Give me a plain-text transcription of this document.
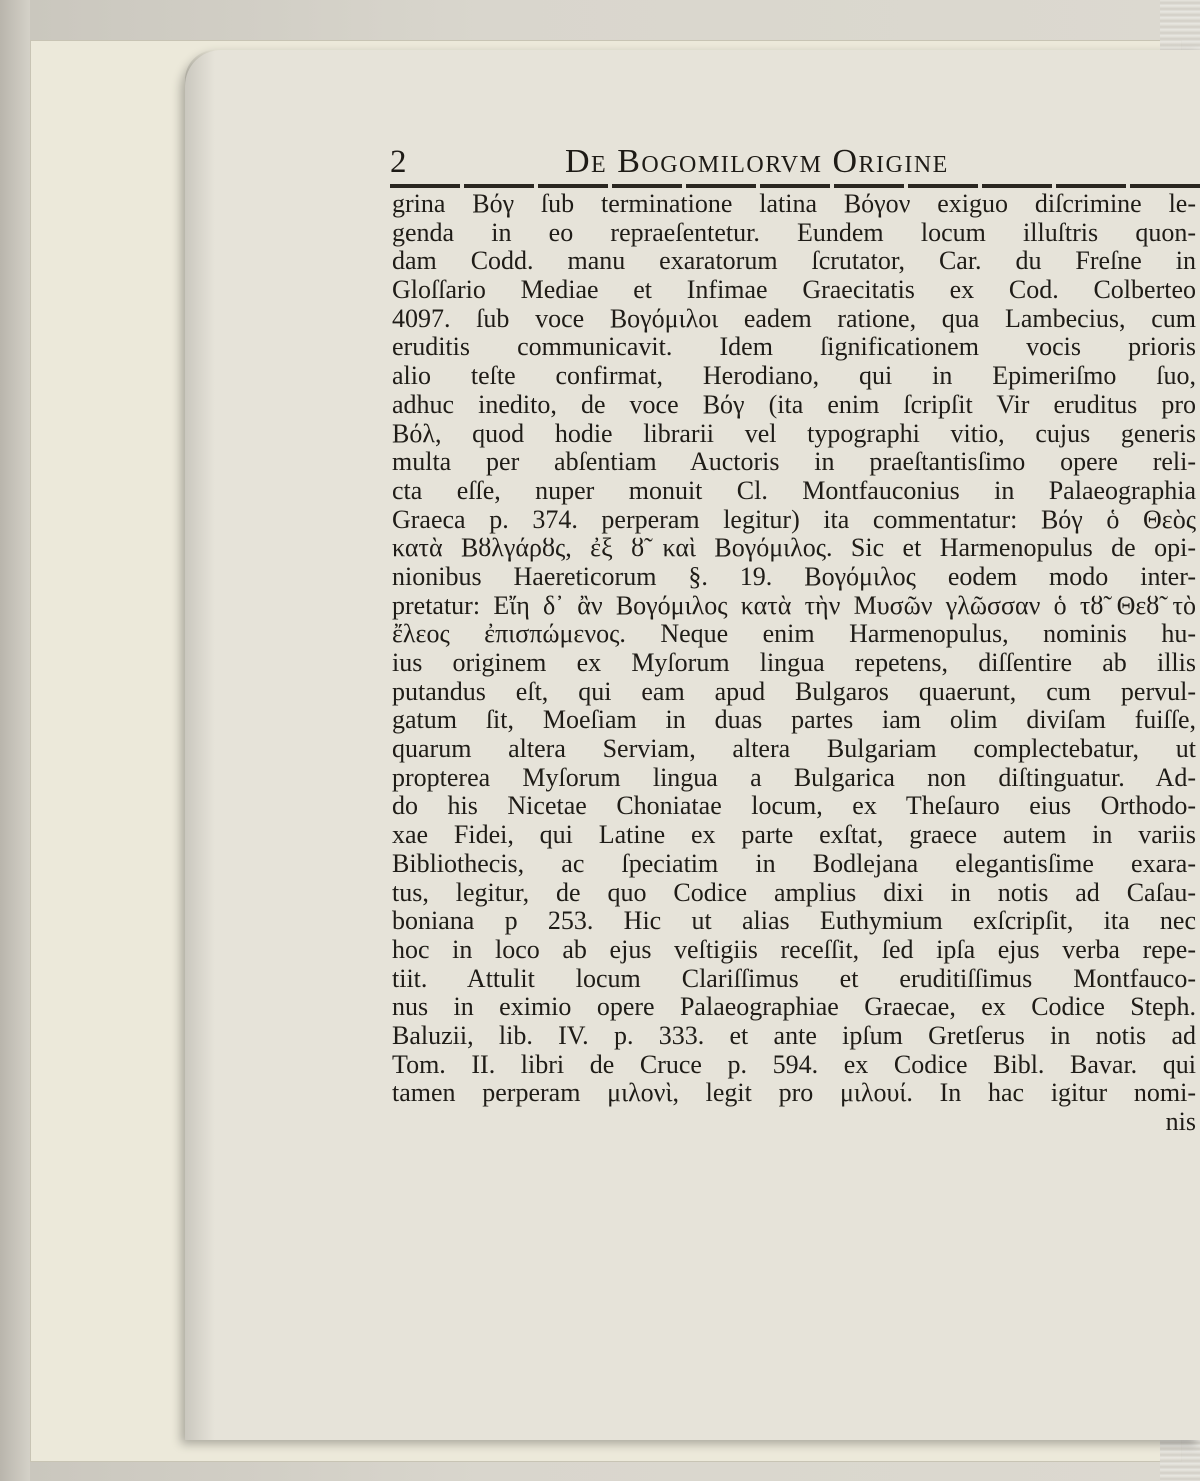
2	De Bogomilorvm Origine
grina Βόγ ſub terminatione latina Βόγον exiguo diſcrimine le-
genda in eo repraeſentetur. Eundem locum illuſtris quon-
dam Codd. manu exaratorum ſcrutator, Car. du Freſne in
Gloſſario Mediae et Infimae Graecitatis ex Cod. Colberteo
4097. ſub voce Βογόμιλοι eadem ratione, qua Lambecius, cum
eruditis communicavit. Idem ſignificationem vocis prioris
alio teſte confirmat, Herodiano, qui in Epimeriſmo ſuo,
adhuc inedito, de voce Βόγ (ita enim ſcripſit Vir eruditus pro
Βόλ, quod hodie librarii vel typographi vitio, cujus generis
multa per abſentiam Auctoris in praeſtantisſimo opere reli-
cta eſſe, nuper monuit Cl. Montfauconius in Palaeographia
Graeca p. 374. perperam legitur) ita commentatur: Βόγ ὁ Θεὸς
κατὰ Βȣλγάρȣς, ἐξ ȣ̃ καὶ Βογόμιλος. Sic et Harmenopulus de opi-
nionibus Haereticorum §. 19. Βογόμιλος eodem modo inter-
pretatur: Εἴη δ᾽ ἂν Βογόμιλος κατὰ τὴν Μυσῶν γλῶσσαν ὁ τȣ̃ Θεȣ̃ τὸ
ἔλεος ἐπισπώμενος. Neque enim Harmenopulus, nominis hu-
ius originem ex Myſorum lingua repetens, diſſentire ab illis
putandus eſt, qui eam apud Bulgaros quaerunt, cum pervul-
gatum ſit, Moeſiam in duas partes iam olim diviſam fuiſſe,
quarum altera Serviam, altera Bulgariam complectebatur, ut
propterea Myſorum lingua a Bulgarica non diſtinguatur. Ad-
do his Nicetae Choniatae locum, ex Theſauro eius Orthodo-
xae Fidei, qui Latine ex parte exſtat, graece autem in variis
Bibliothecis, ac ſpeciatim in Bodlejana elegantisſime exara-
tus, legitur, de quo Codice amplius dixi in notis ad Caſau-
boniana p 253. Hic ut alias Euthymium exſcripſit, ita nec
hoc in loco ab ejus veſtigiis receſſit, ſed ipſa ejus verba repe-
tiit. Attulit locum Clariſſimus et eruditiſſimus Montfauco-
nus in eximio opere Palaeographiae Graecae, ex Codice Steph.
Baluzii, lib. IV. p. 333. et ante ipſum Gretſerus in notis ad
Tom. II. libri de Cruce p. 594. ex Codice Bibl. Bavar. qui
tamen perperam μιλονὶ, legit pro μιλουί. In hac igitur nomi-
nis
